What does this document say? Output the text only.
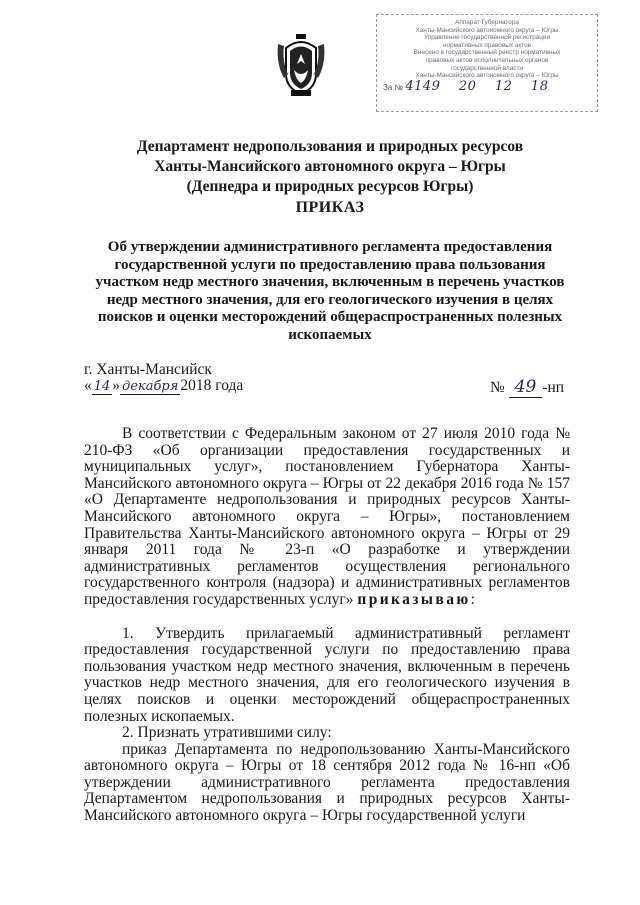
Аппарат Губернатора
Ханты-Мансийского автономного округа – Югры
Управление государственной регистрации
нормативных правовых актов
Внесено в государственный реестр нормативных
правовых актов исполнительных органов
государственной власти
Ханты-Мансийского автономного округа – Югры
За № 4149 20 12 18
Департамент недропользования и природных ресурсов
Ханты-Мансийского автономного округа – Югры
(Депнедра и природных ресурсов Югры)
ПРИКАЗ
Об утверждении административного регламента предоставления
государственной услуги по предоставлению права пользования
участком недр местного значения, включенным в перечень участков
недр местного значения, для его геологического изучения в целях
поисков и оценки месторождений общераспространенных полезных
ископаемых
г. Ханты-Мансийск
« 14 » декабря 2018 года	№ 49 -нп

В соответствии с Федеральным законом от 27 июля 2010 года № 210-ФЗ «Об организации предоставления государственных и муниципальных услуг», постановлением Губернатора Ханты-Мансийского автономного округа – Югры от 22 декабря 2016 года № 157 «О Департаменте недропользования и природных ресурсов Ханты-Мансийского автономного округа – Югры», постановлением Правительства Ханты-Мансийского автономного округа – Югры от 29 января 2011 года № 23-п «О разработке и утверждении административных регламентов осуществления регионального государственного контроля (надзора) и административных регламентов предоставления государственных услуг» приказываю:

1. Утвердить прилагаемый административный регламент предоставления государственной услуги по предоставлению права пользования участком недр местного значения, включенным в перечень участков недр местного значения, для его геологического изучения в целях поисков и оценки месторождений общераспространенных полезных ископаемых.

2. Признать утратившими силу:

приказ Департамента по недропользованию Ханты-Мансийского автономного округа – Югры от 18 сентября 2012 года № 16-нп «Об утверждении административного регламента предоставления Департаментом недропользования и природных ресурсов Ханты-Мансийского автономного округа – Югры государственной услуги
